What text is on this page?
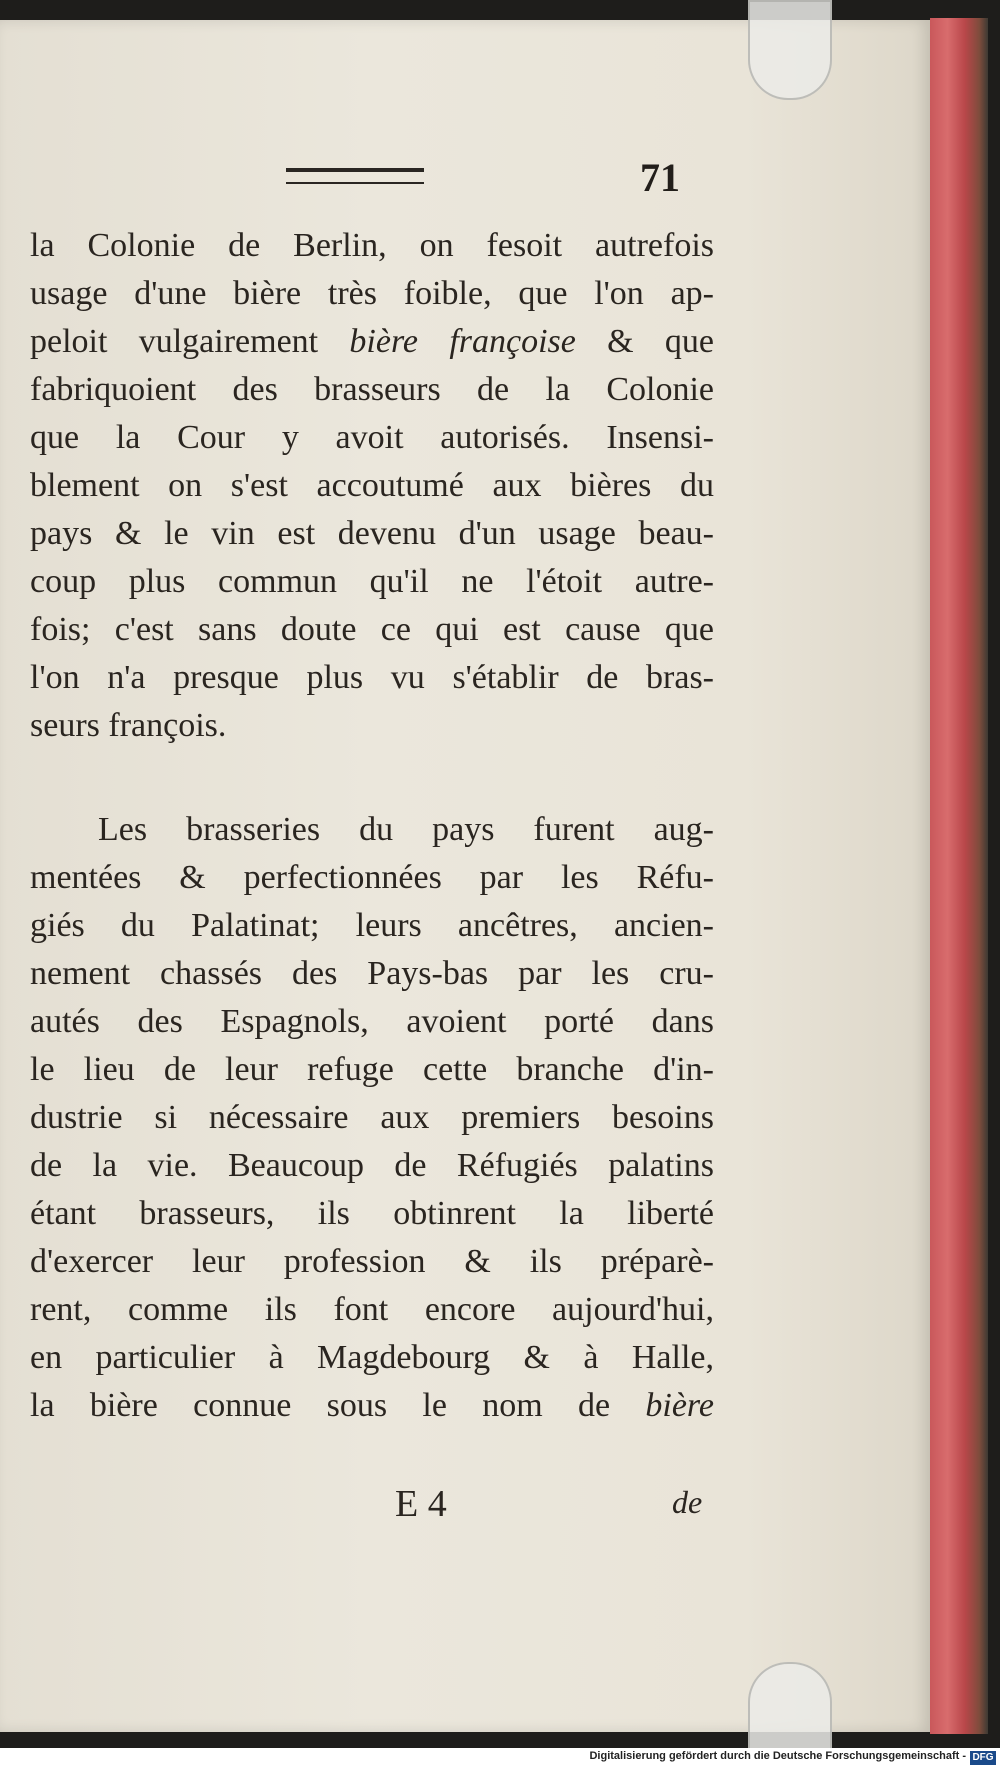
71
la Colonie de Berlin, on fesoit autrefois
usage d'une bière très foible, que l'on ap-
peloit vulgairement bière françoise & que
fabriquoient des brasseurs de la Colonie
que la Cour y avoit autorisés. Insensi-
blement on s'est accoutumé aux bières du
pays & le vin est devenu d'un usage beau-
coup plus commun qu'il ne l'étoit autre-
fois; c'est sans doute ce qui est cause que
l'on n'a presque plus vu s'établir de bras-
seurs françois.
Les brasseries du pays furent aug-
mentées & perfectionnées par les Réfu-
giés du Palatinat; leurs ancêtres, ancien-
nement chassés des Pays-bas par les cru-
autés des Espagnols, avoient porté dans
le lieu de leur refuge cette branche d'in-
dustrie si nécessaire aux premiers besoins
de la vie. Beaucoup de Réfugiés palatins
étant brasseurs, ils obtinrent la liberté
d'exercer leur profession & ils préparè-
rent, comme ils font encore aujourd'hui,
en particulier à Magdebourg & à Halle,
la bière connue sous le nom de bière
E 4	de
Digitalisierung gefördert durch die Deutsche Forschungsgemeinschaft - DFG
